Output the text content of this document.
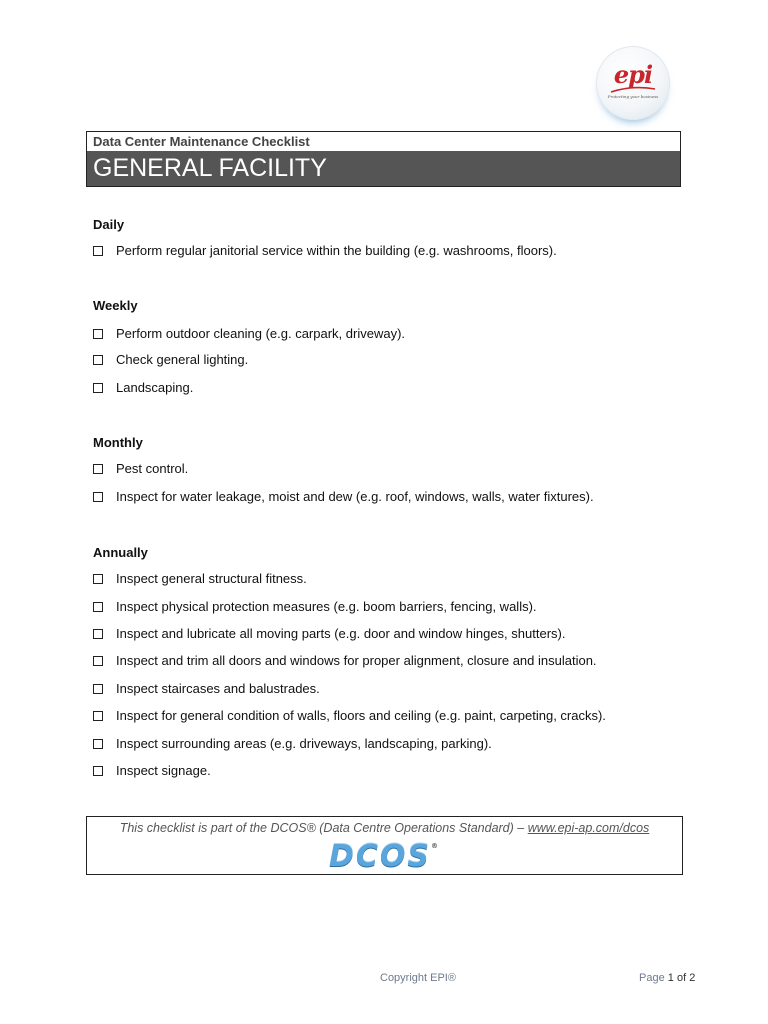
epi
Protecting your business
Data Center Maintenance Checklist
GENERAL FACILITY
Daily
Perform regular janitorial service within the building (e.g. washrooms, floors).
Weekly
Perform outdoor cleaning (e.g. carpark, driveway).
Check general lighting.
Landscaping.
Monthly
Pest control.
Inspect for water leakage, moist and dew (e.g. roof, windows, walls, water fixtures).
Annually
Inspect general structural fitness.
Inspect physical protection measures (e.g. boom barriers, fencing, walls).
Inspect and lubricate all moving parts (e.g. door and window hinges, shutters).
Inspect and trim all doors and windows for proper alignment, closure and insulation.
Inspect staircases and balustrades.
Inspect for general condition of walls, floors and ceiling (e.g. paint, carpeting, cracks).
Inspect surrounding areas (e.g. driveways, landscaping, parking).
Inspect signage.
This checklist is part of the DCOS® (Data Centre Operations Standard) – www.epi-ap.com/dcos
DCOS®
Copyright EPI®	Page 1 of 2
